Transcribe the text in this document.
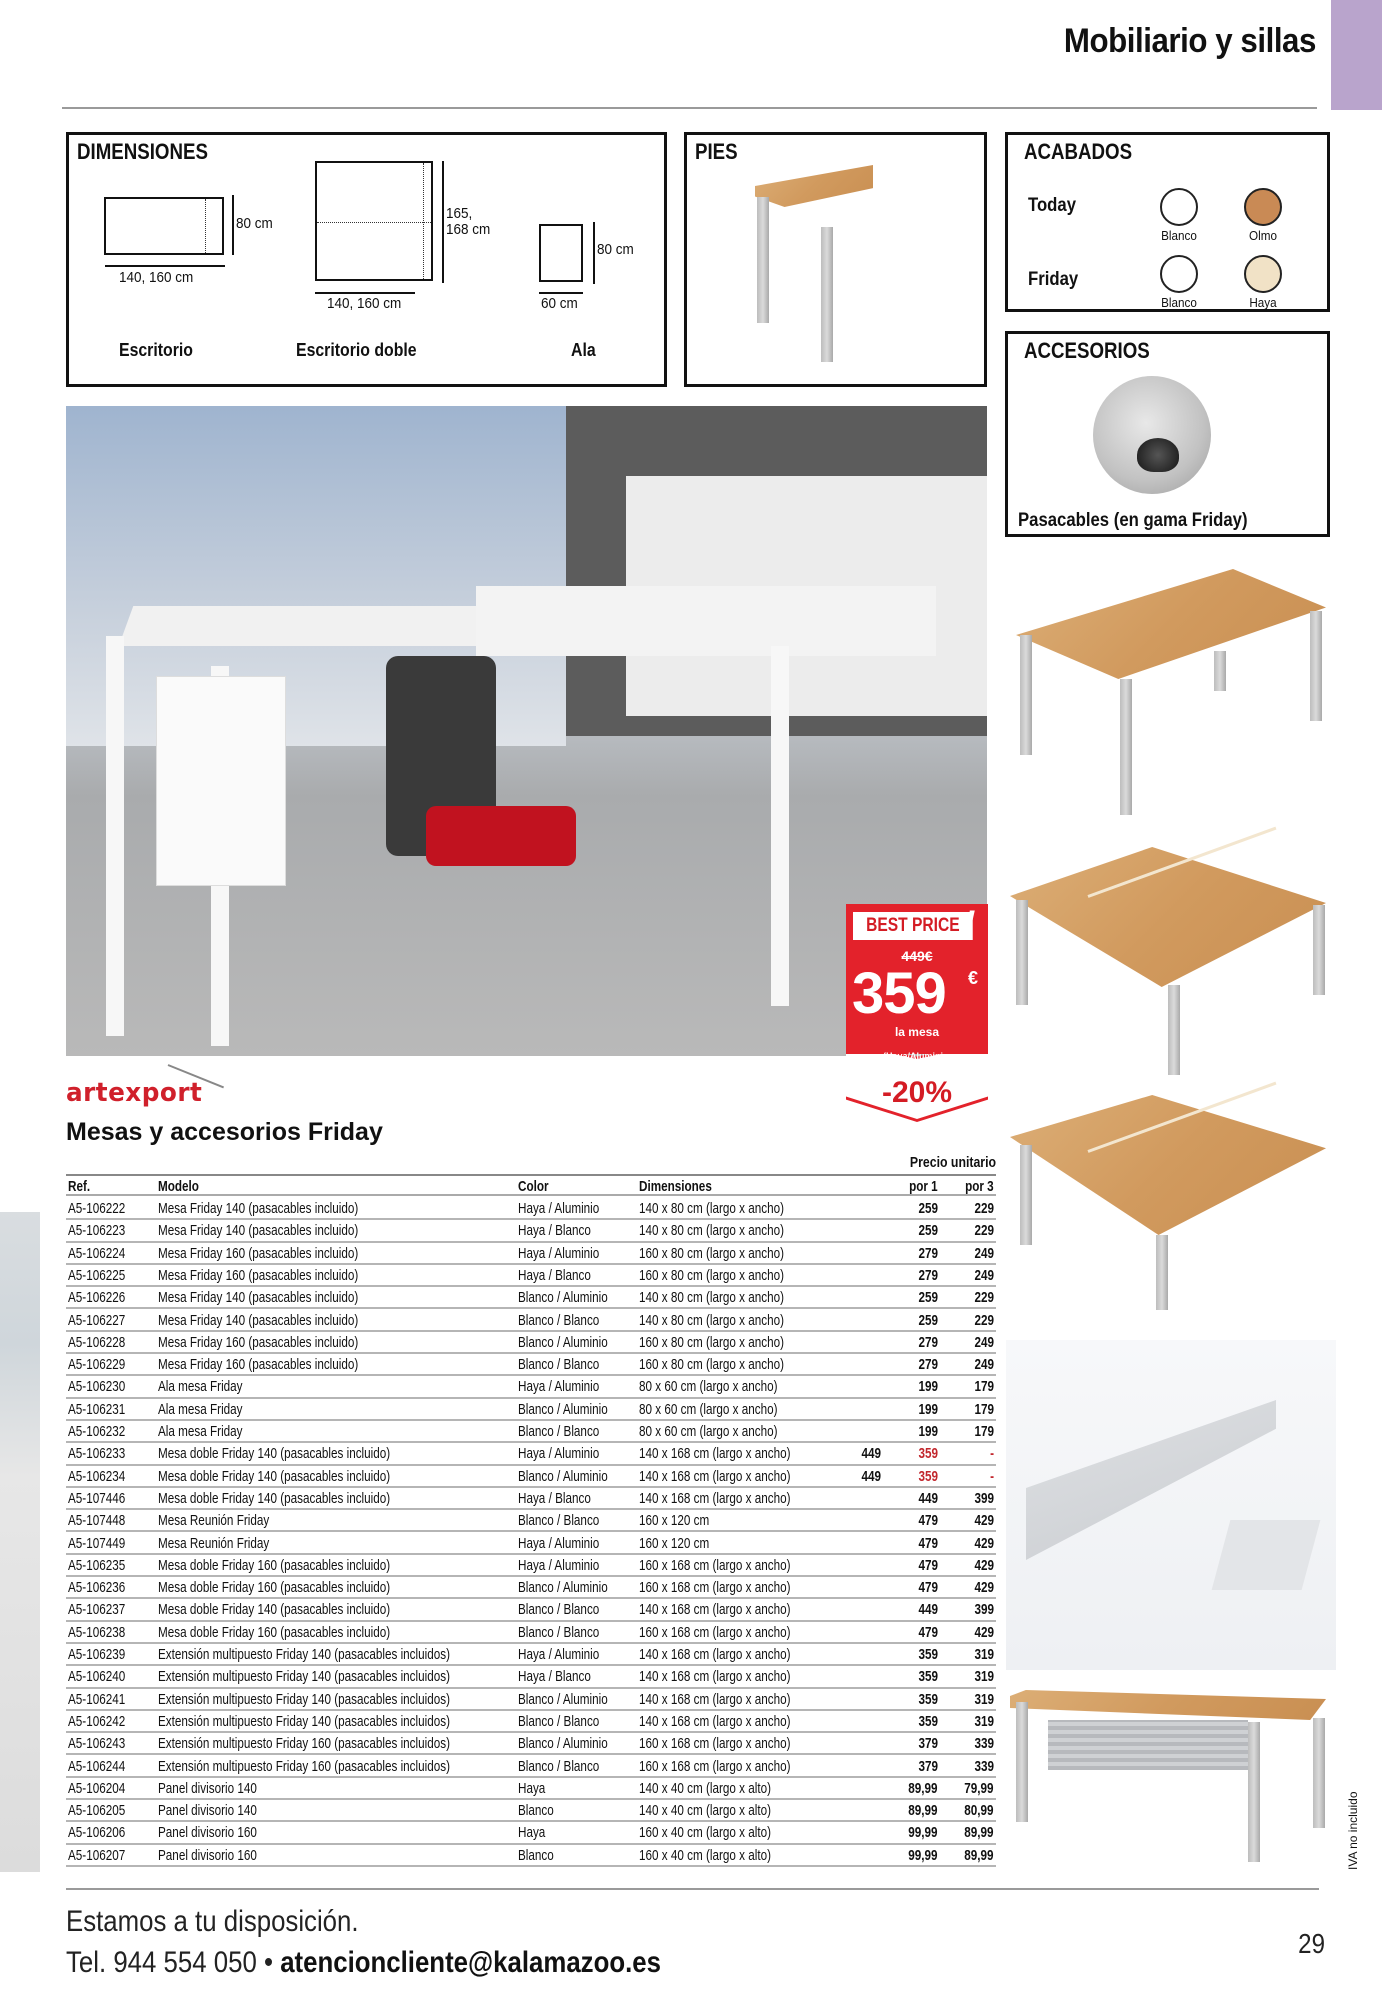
Mobiliario y sillas
DIMENSIONES
80 cm
140, 160 cm
Escritorio
165,
168 cm
140, 160 cm
Escritorio doble
80 cm
60 cm
Ala
PIES	ACABADOS
Today
Blanco	Olmo
Friday
Blanco	Haya
ACCESORIOS
Pasacables (en gama Friday)
BEST PRICE !
449€
359 €
la mesa
(Haya/Aluminio,
-20%
artexport
Mesas y accesorios Friday
Precio unitario
Ref.	Modelo	Color	Dimensiones	por 1 por 3
A5-106222 Mesa Friday 140 (pasacables incluido)	Haya / Aluminio	140 x 80 cm (largo x ancho)	259 229
A5-106223 Mesa Friday 140 (pasacables incluido)	Haya / Blanco	140 x 80 cm (largo x ancho)	259 229
A5-106224 Mesa Friday 160 (pasacables incluido)	Haya / Aluminio	160 x 80 cm (largo x ancho)	279 249
A5-106225 Mesa Friday 160 (pasacables incluido)	Haya / Blanco	160 x 80 cm (largo x ancho)	279 249
A5-106226 Mesa Friday 140 (pasacables incluido)	Blanco / Aluminio 140 x 80 cm (largo x ancho)	259 229
A5-106227 Mesa Friday 140 (pasacables incluido)	Blanco / Blanco	140 x 80 cm (largo x ancho)	259 229
A5-106228 Mesa Friday 160 (pasacables incluido)	Blanco / Aluminio 160 x 80 cm (largo x ancho)	279 249
A5-106229 Mesa Friday 160 (pasacables incluido)	Blanco / Blanco	160 x 80 cm (largo x ancho)	279 249
A5-106230 Ala mesa Friday	Haya / Aluminio	80 x 60 cm (largo x ancho)	199 179
A5-106231 Ala mesa Friday	Blanco / Aluminio 80 x 60 cm (largo x ancho)	199 179
A5-106232 Ala mesa Friday	Blanco / Blanco	80 x 60 cm (largo x ancho)	199 179
A5-106233 Mesa doble Friday 140 (pasacables incluido)	Haya / Aluminio	140 x 168 cm (largo x ancho)	449 359	-
A5-106234 Mesa doble Friday 140 (pasacables incluido)	Blanco / Aluminio 140 x 168 cm (largo x ancho)	449 359	-
A5-107446 Mesa doble Friday 140 (pasacables incluido)	Haya / Blanco	140 x 168 cm (largo x ancho)	449 399
A5-107448 Mesa Reunión Friday	Blanco / Blanco	160 x 120 cm	479 429
A5-107449 Mesa Reunión Friday	Haya / Aluminio	160 x 120 cm	479 429
A5-106235 Mesa doble Friday 160 (pasacables incluido)	Haya / Aluminio	160 x 168 cm (largo x ancho)	479 429
A5-106236 Mesa doble Friday 160 (pasacables incluido)	Blanco / Aluminio 160 x 168 cm (largo x ancho)	479 429
A5-106237 Mesa doble Friday 140 (pasacables incluido)	Blanco / Blanco	140 x 168 cm (largo x ancho)	449 399
A5-106238 Mesa doble Friday 160 (pasacables incluido)	Blanco / Blanco	160 x 168 cm (largo x ancho)	479 429
A5-106239 Extensión multipuesto Friday 140 (pasacables incluidos)	Haya / Aluminio	140 x 168 cm (largo x ancho)	359 319
A5-106240 Extensión multipuesto Friday 140 (pasacables incluidos)	Haya / Blanco	140 x 168 cm (largo x ancho)	359 319
A5-106241 Extensión multipuesto Friday 140 (pasacables incluidos)	Blanco / Aluminio 140 x 168 cm (largo x ancho)	359 319
A5-106242 Extensión multipuesto Friday 140 (pasacables incluidos)	Blanco / Blanco	140 x 168 cm (largo x ancho)	359 319
A5-106243 Extensión multipuesto Friday 160 (pasacables incluidos)	Blanco / Aluminio 160 x 168 cm (largo x ancho)	379 339
A5-106244 Extensión multipuesto Friday 160 (pasacables incluidos)	Blanco / Blanco	160 x 168 cm (largo x ancho)	379 339
A5-106204 Panel divisorio 140	Haya	140 x 40 cm (largo x alto)	89,99 79,99
A5-106205 Panel divisorio 140	Blanco	140 x 40 cm (largo x alto)	89,99 80,99
A5-106206 Panel divisorio 160	Haya	160 x 40 cm (largo x alto)	99,99 89,99
A5-106207 Panel divisorio 160	Blanco	160 x 40 cm (largo x alto)	99,99 89,99	IVA no incluido
Estamos a tu disposición.
Tel. 944 554 050 • atencioncliente@kalamazoo.es
29
